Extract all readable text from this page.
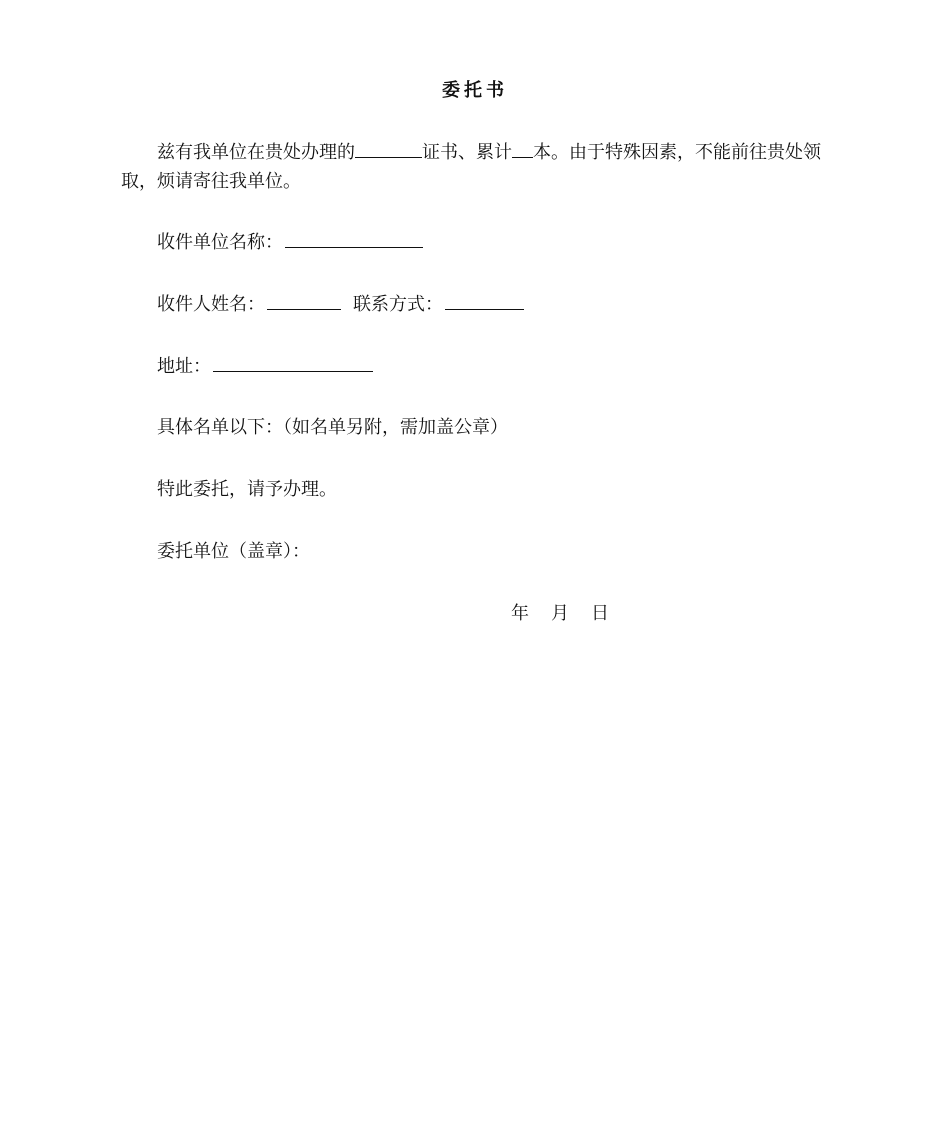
委托书
兹有我单位在贵处办理的	证书、累计 本。由于特殊因素，不能前往贵处领取，烦请寄往我单位。
收件单位名称：
收件人姓名：	联系方式：
地址：
具体名单以下：（如名单另附，需加盖公章）
特此委托，请予办理。
委托单位（盖章）：
年 月 日
